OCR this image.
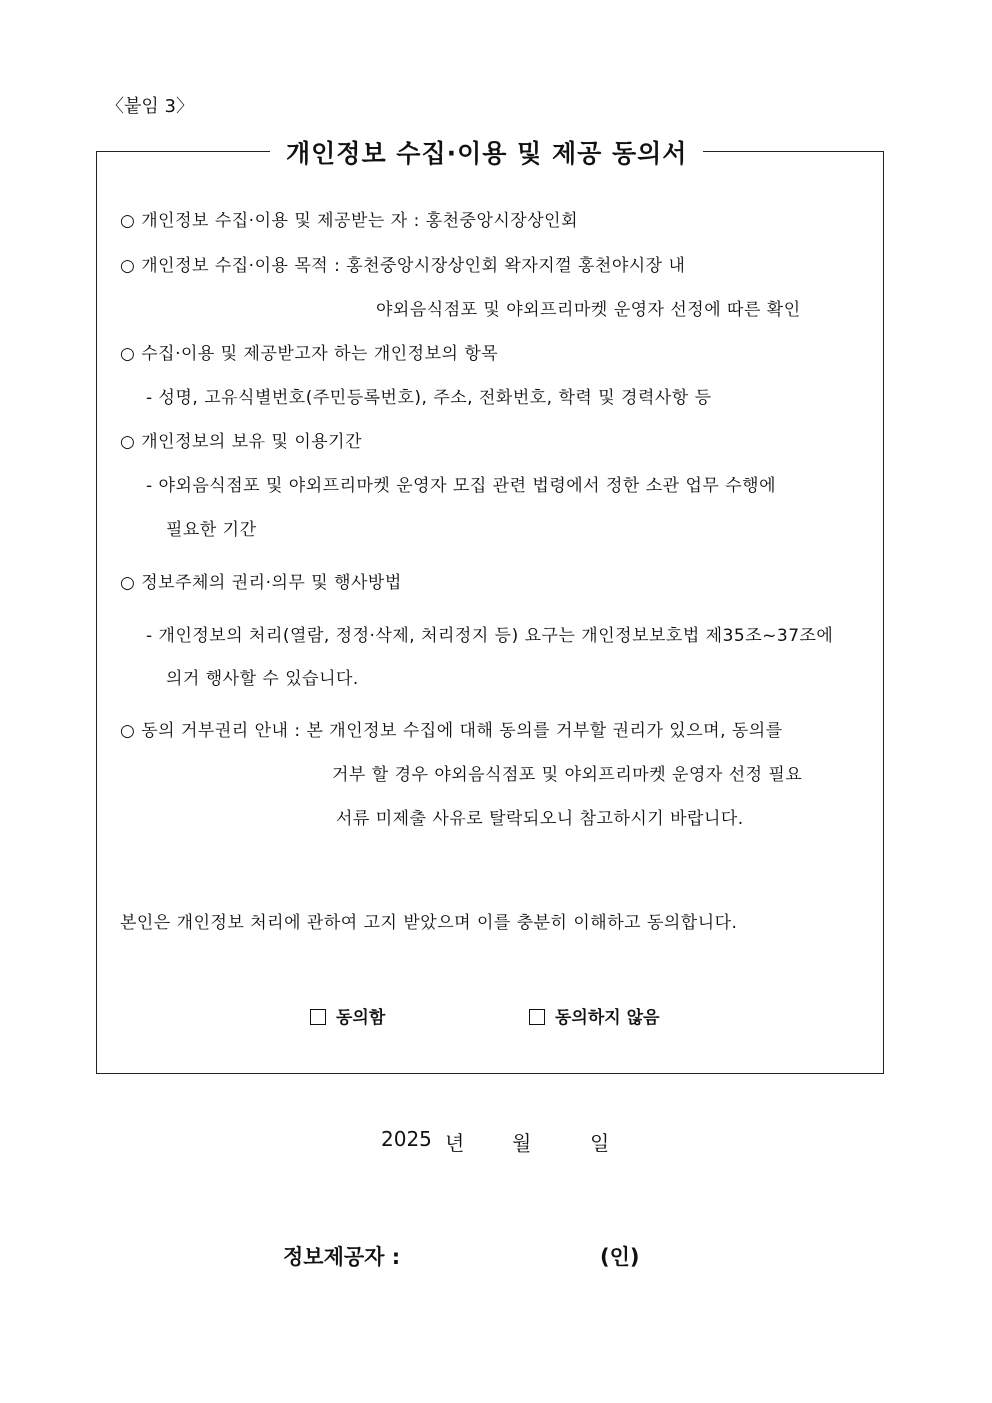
〈붙임 3〉
개인정보 수집·이용 및 제공 동의서
○ 개인정보 수집·이용 및 제공받는 자 : 홍천중앙시장상인회
○ 개인정보 수집·이용 목적 : 홍천중앙시장상인회 왁자지껄 홍천야시장 내
야외음식점포 및 야외프리마켓 운영자 선정에 따른 확인
○ 수집·이용 및 제공받고자 하는 개인정보의 항목
- 성명, 고유식별번호(주민등록번호), 주소, 전화번호, 학력 및 경력사항 등
○ 개인정보의 보유 및 이용기간
- 야외음식점포 및 야외프리마켓 운영자 모집 관련 법령에서 정한 소관 업무 수행에
필요한 기간
○ 정보주체의 권리·의무 및 행사방법
- 개인정보의 처리(열람, 정정·삭제, 처리정지 등) 요구는 개인정보보호법 제35조~37조에
의거 행사할 수 있습니다.
○ 동의 거부권리 안내 : 본 개인정보 수집에 대해 동의를 거부할 권리가 있으며, 동의를
거부 할 경우 야외음식점포 및 야외프리마켓 운영자 선정 필요
서류 미제출 사유로 탈락되오니 참고하시기 바랍니다.
본인은 개인정보 처리에 관하여 고지 받았으며 이를 충분히 이해하고 동의합니다.
동의함	동의하지 않음
2025 년 월	일
정보제공자 :	(인)
